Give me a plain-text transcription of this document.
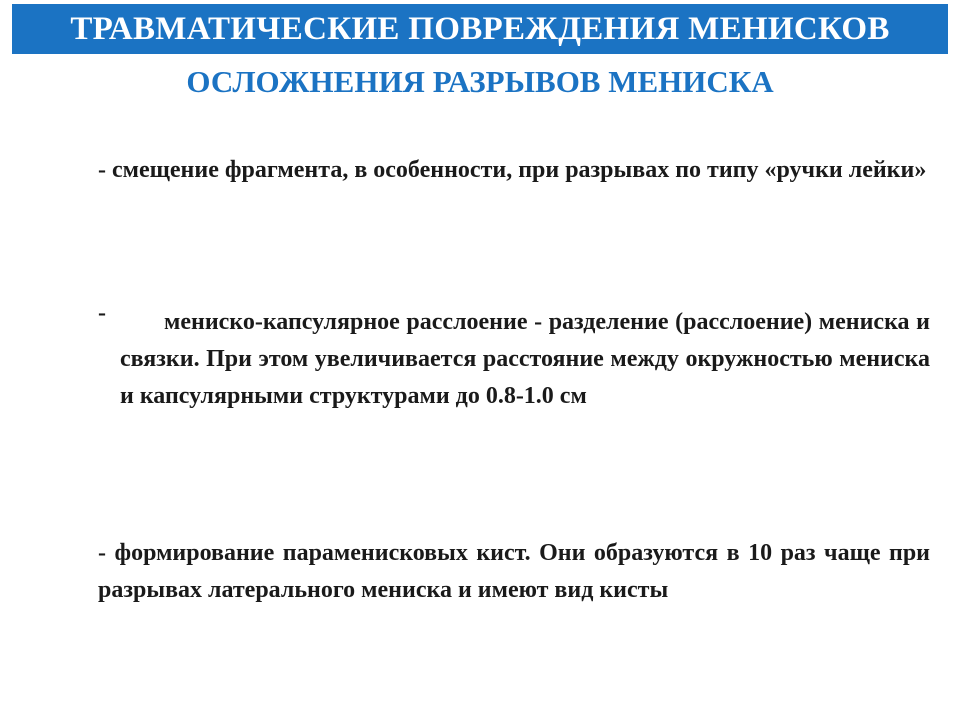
ТРАВМАТИЧЕСКИЕ ПОВРЕЖДЕНИЯ МЕНИСКОВ
ОСЛОЖНЕНИЯ РАЗРЫВОВ МЕНИСКА
- смещение фрагмента, в особенности, при разрывах по типу «ручки лейки»
-	мениско-капсулярное расслоение - разделение (расслоение) мениска и связки. При этом увеличивается расстояние между окружностью мениска и капсулярными структурами до 0.8-1.0 см
- формирование параменисковых кист. Они образуются в 10 раз чаще при разрывах латерального мениска и имеют вид кисты
